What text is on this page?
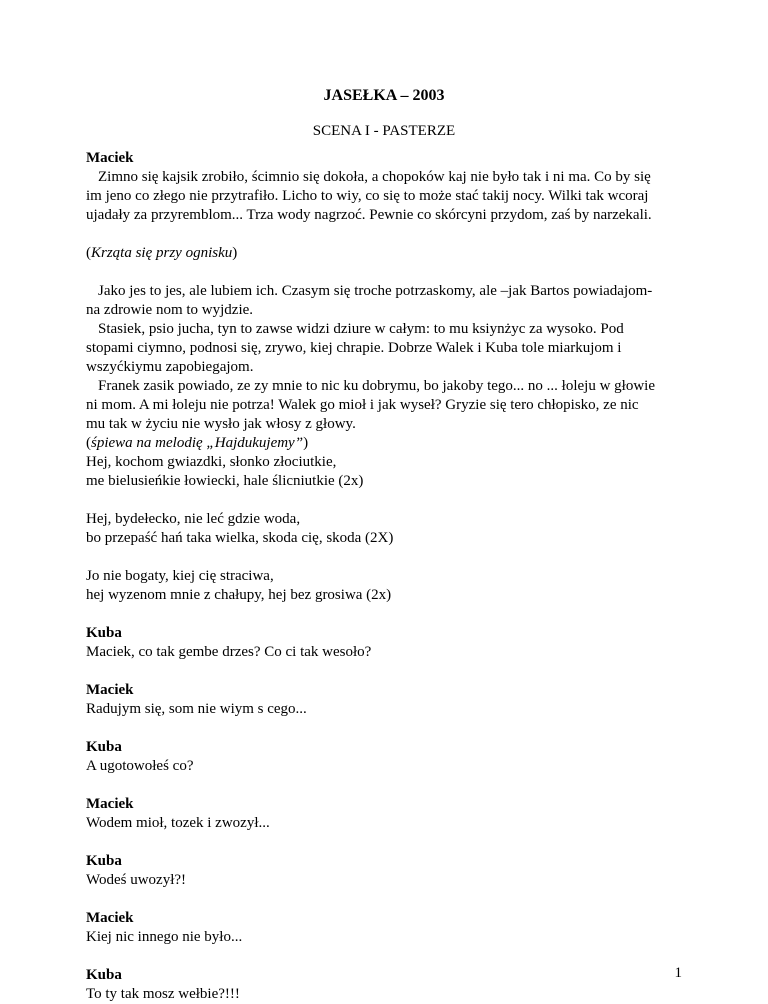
JASEŁKA – 2003
SCENA I - PASTERZE
Maciek
Zimno się kajsik zrobiło, ścimnio się dokoła, a chopoków kaj nie było tak i ni ma. Co by się
im jeno co złego nie przytrafiło. Licho to wiy, co się to może stać takij nocy. Wilki tak wcoraj
ujadały za przyremblom... Trza wody nagrzoć. Pewnie co skórcyni przydom, zaś by narzekali.
(Krząta się przy ognisku)
Jako jes to jes, ale lubiem ich. Czasym się troche potrzaskomy, ale –jak Bartos powiadajom-
na zdrowie nom to wyjdzie.
Stasiek, psio jucha, tyn to zawse widzi dziure w całym: to mu ksiynżyc za wysoko. Pod
stopami ciymno, podnosi się, zrywo, kiej chrapie. Dobrze Walek i Kuba tole miarkujom i
wszyćkiymu zapobiegajom.
Franek zasik powiado, ze zy mnie to nic ku dobrymu, bo jakoby tego... no ... łoleju w głowie
ni mom. A mi łoleju nie potrza! Walek go mioł i jak wyseł? Gryzie się tero chłopisko, ze nic
mu tak w życiu nie wysło jak włosy z głowy.
(śpiewa na melodię „Hajdukujemy”)
Hej, kochom gwiazdki, słonko złociutkie,
me bielusieńkie łowiecki, hale ślicniutkie (2x)
Hej, bydełecko, nie leć gdzie woda,
bo przepaść hań taka wielka, skoda cię, skoda (2X)
Jo nie bogaty, kiej cię straciwa,
hej wyzenom mnie z chałupy, hej bez grosiwa (2x)
Kuba
Maciek, co tak gembe drzes? Co ci tak wesoło?
Maciek
Radujym się, som nie wiym s cego...
Kuba
A ugotowołeś co?
Maciek
Wodem mioł, tozek i zwozył...
Kuba
Wodeś uwozył?!
Maciek
Kiej nic innego nie było...
Kuba
To ty tak mosz wełbie?!!!
1
